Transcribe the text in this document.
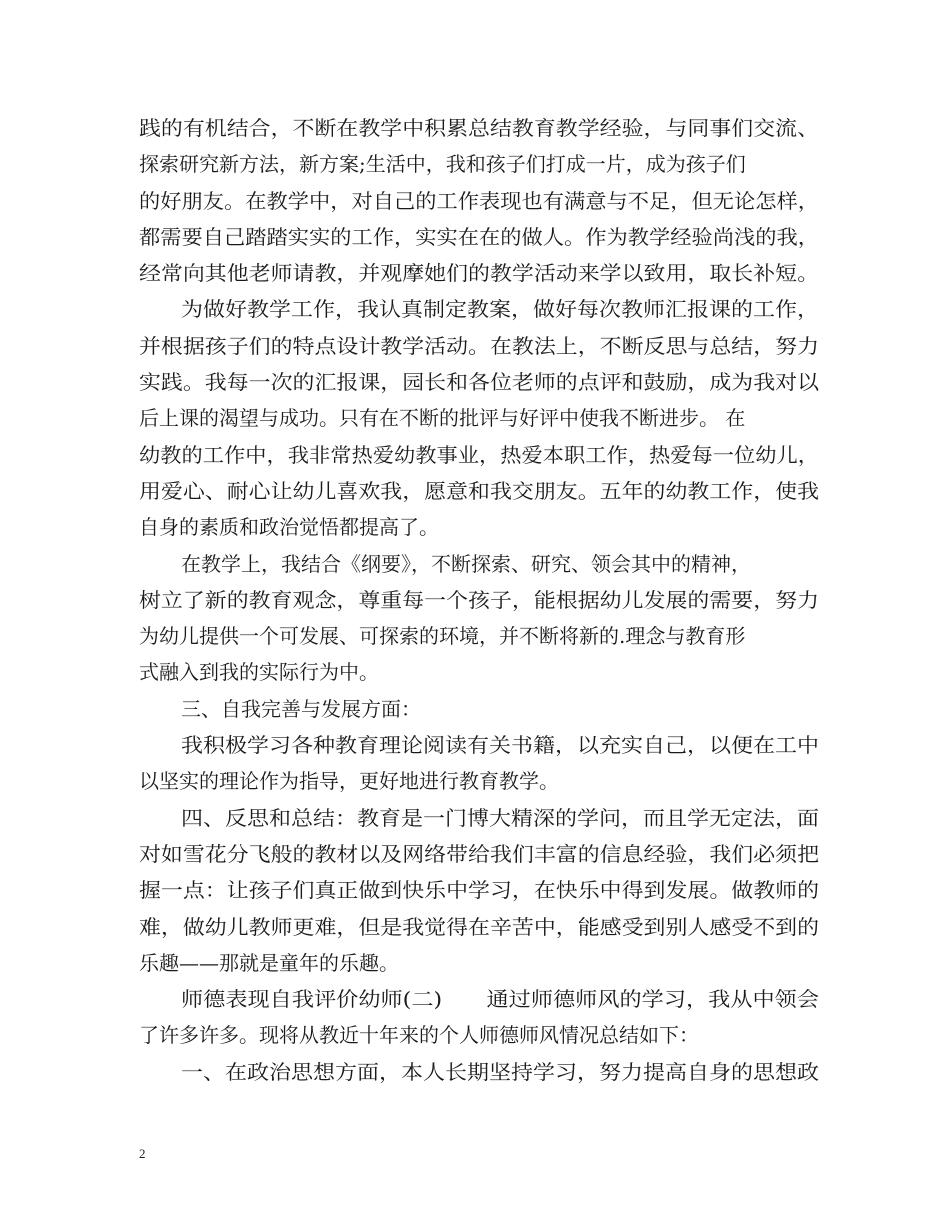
践的有机结合，不断在教学中积累总结教育教学经验，与同事们交流、
探索研究新方法，新方案;生活中，我和孩子们打成一片，成为孩子们
的好朋友。在教学中，对自己的工作表现也有满意与不足，但无论怎样，
都需要自己踏踏实实的工作，实实在在的做人。作为教学经验尚浅的我，
经常向其他老师请教，并观摩她们的教学活动来学以致用，取长补短。
为做好教学工作，我认真制定教案，做好每次教师汇报课的工作，
并根据孩子们的特点设计教学活动。在教法上，不断反思与总结，努力
实践。我每一次的汇报课，园长和各位老师的点评和鼓励，成为我对以
后上课的渴望与成功。只有在不断的批评与好评中使我不断进步。 在
幼教的工作中，我非常热爱幼教事业，热爱本职工作，热爱每一位幼儿，
用爱心、耐心让幼儿喜欢我，愿意和我交朋友。五年的幼教工作，使我
自身的素质和政治觉悟都提高了。
在教学上，我结合《纲要》，不断探索、研究、领会其中的精神，
树立了新的教育观念，尊重每一个孩子，能根据幼儿发展的需要，努力
为幼儿提供一个可发展、可探索的环境，并不断将新的.理念与教育形
式融入到我的实际行为中。
三、自我完善与发展方面：
我积极学习各种教育理论阅读有关书籍，以充实自己，以便在工中
以坚实的理论作为指导，更好地进行教育教学。
四、反思和总结：教育是一门博大精深的学问，而且学无定法，面
对如雪花分飞般的教材以及网络带给我们丰富的信息经验，我们必须把
握一点：让孩子们真正做到快乐中学习，在快乐中得到发展。做教师的
难，做幼儿教师更难，但是我觉得在辛苦中，能感受到别人感受不到的
乐趣——那就是童年的乐趣。
师德表现自我评价幼师(二)　　通过师德师风的学习，我从中领会
了许多许多。现将从教近十年来的个人师德师风情况总结如下：
一、在政治思想方面，本人长期坚持学习，努力提高自身的思想政
2
